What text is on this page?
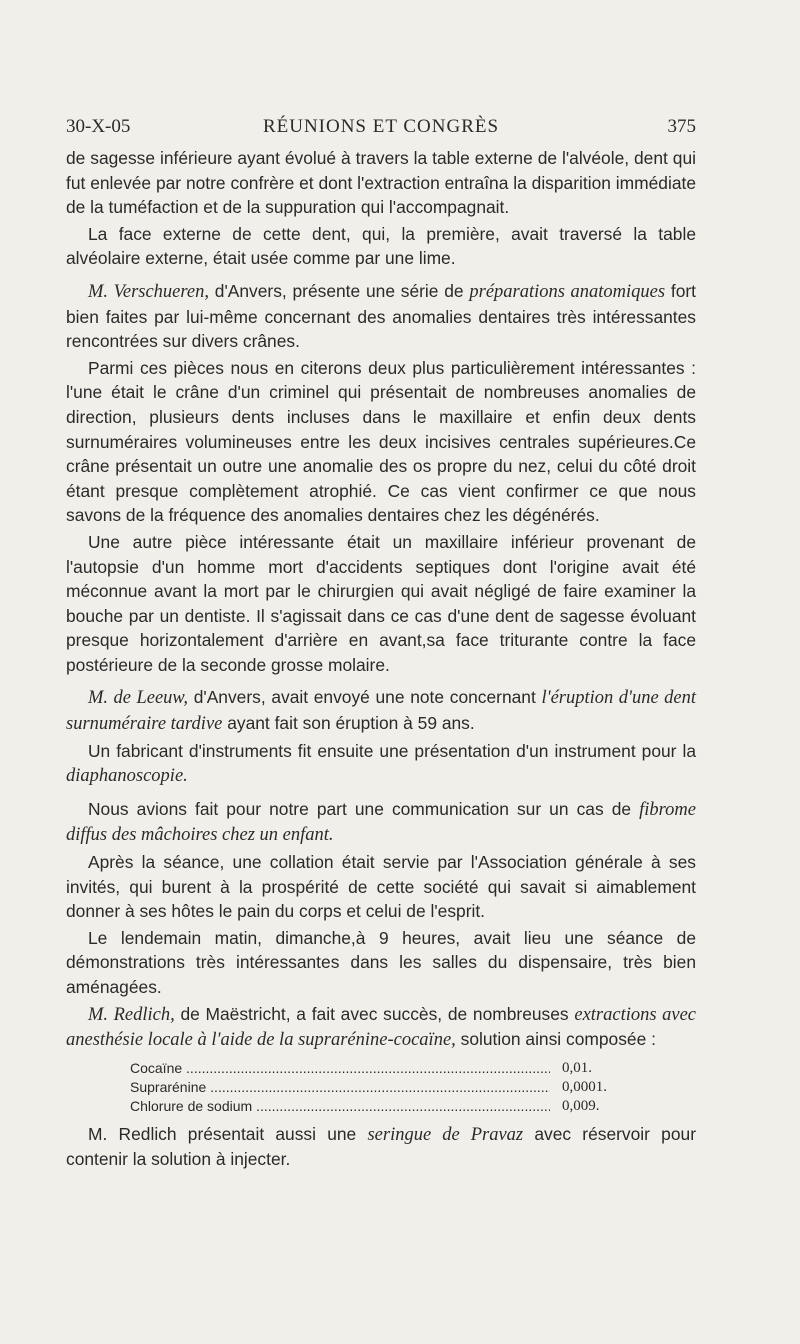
30-X-05	RÉUNIONS ET CONGRÈS	375

de sagesse inférieure ayant évolué à travers la table externe de l'alvéole, dent qui fut enlevée par notre confrère et dont l'extraction entraîna la disparition immédiate de la tuméfaction et de la suppuration qui l'accompagnait.

La face externe de cette dent, qui, la première, avait traversé la table alvéolaire externe, était usée comme par une lime.

M. Verschueren, d'Anvers, présente une série de préparations anatomiques fort bien faites par lui-même concernant des anomalies dentaires très intéressantes rencontrées sur divers crânes.

Parmi ces pièces nous en citerons deux plus particulièrement intéressantes : l'une était le crâne d'un criminel qui présentait de nombreuses anomalies de direction, plusieurs dents incluses dans le maxillaire et enfin deux dents surnuméraires volumineuses entre les deux incisives centrales supérieures.Ce crâne présentait un outre une anomalie des os propre du nez, celui du côté droit étant presque complètement atrophié. Ce cas vient confirmer ce que nous savons de la fréquence des anomalies dentaires chez les dégénérés.

Une autre pièce intéressante était un maxillaire inférieur provenant de l'autopsie d'un homme mort d'accidents septiques dont l'origine avait été méconnue avant la mort par le chirurgien qui avait négligé de faire examiner la bouche par un dentiste. Il s'agissait dans ce cas d'une dent de sagesse évoluant presque horizontalement d'arrière en avant,sa face triturante contre la face postérieure de la seconde grosse molaire.

M. de Leeuw, d'Anvers, avait envoyé une note concernant l'éruption d'une dent surnuméraire tardive ayant fait son éruption à 59 ans.

Un fabricant d'instruments fit ensuite une présentation d'un instrument pour la diaphanoscopie.

Nous avions fait pour notre part une communication sur un cas de fibrome diffus des mâchoires chez un enfant.

Après la séance, une collation était servie par l'Association générale à ses invités, qui burent à la prospérité de cette société qui savait si aimablement donner à ses hôtes le pain du corps et celui de l'esprit.

Le lendemain matin, dimanche,à 9 heures, avait lieu une séance de démonstrations très intéressantes dans les salles du dispensaire, très bien aménagées.

M. Redlich, de Maëstricht, a fait avec succès, de nombreuses extractions avec anesthésie locale à l'aide de la suprarénine-cocaïne, solution ainsi composée :

Cocaïne .....	0,01.
Suprarénine .....	0,0001.
Chlorure de sodium .....	0,009.

M. Redlich présentait aussi une seringue de Pravaz avec réservoir pour contenir la solution à injecter.
